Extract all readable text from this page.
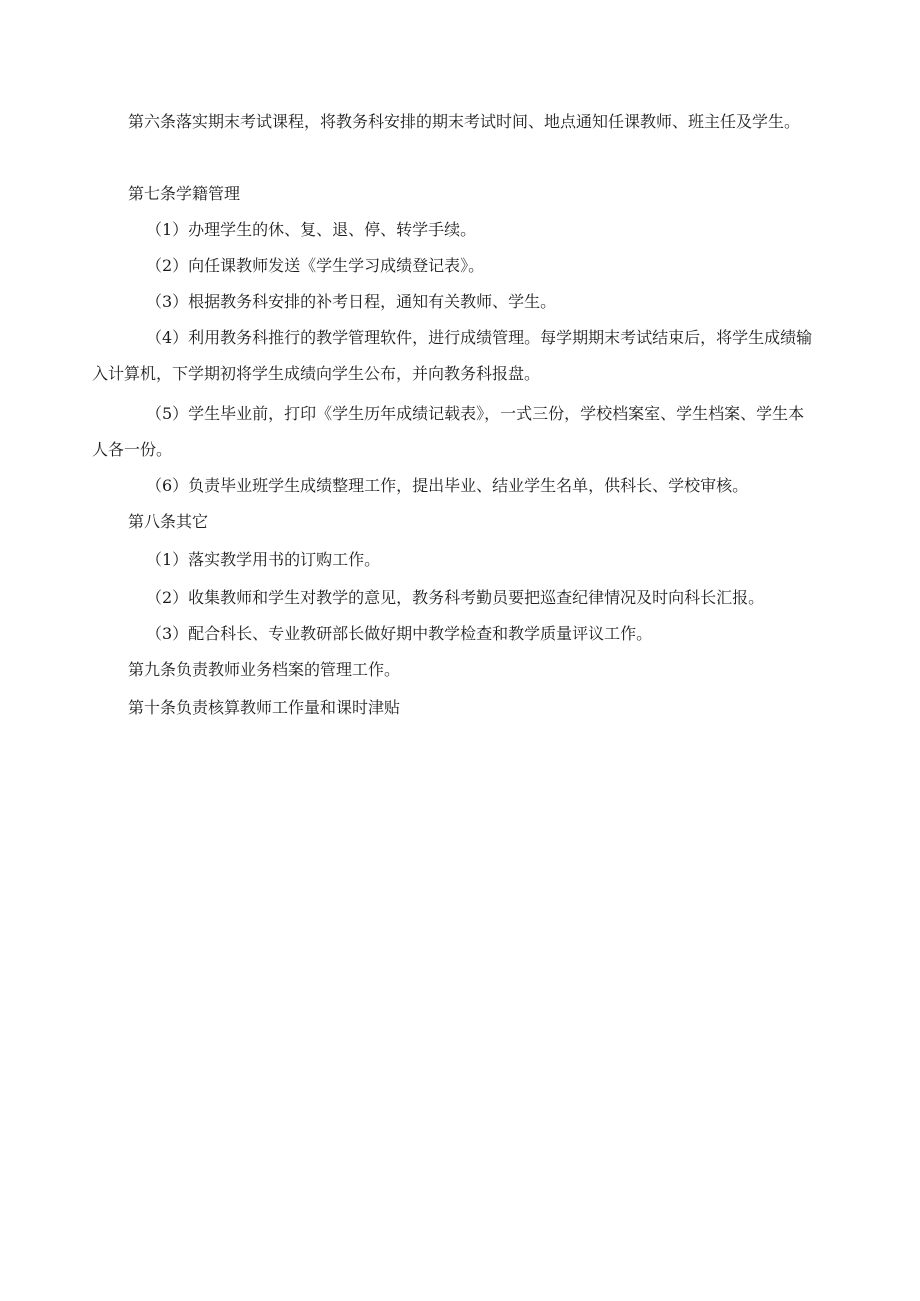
第六条落实期末考试课程，将教务科安排的期末考试时间、地点通知任课教师、班主任及学生。

第七条学籍管理

（1）办理学生的休、复、退、停、转学手续。

（2）向任课教师发送《学生学习成绩登记表》。

（3）根据教务科安排的补考日程，通知有关教师、学生。

（4）利用教务科推行的教学管理软件，进行成绩管理。每学期期末考试结束后，将学生成绩输入计算机，下学期初将学生成绩向学生公布，并向教务科报盘。

（5）学生毕业前，打印《学生历年成绩记载表》，一式三份，学校档案室、学生档案、学生本人各一份。

（6）负责毕业班学生成绩整理工作，提出毕业、结业学生名单，供科长、学校审核。

第八条其它

（1）落实教学用书的订购工作。

（2）收集教师和学生对教学的意见，教务科考勤员要把巡查纪律情况及时向科长汇报。

（3）配合科长、专业教研部长做好期中教学检查和教学质量评议工作。

第九条负责教师业务档案的管理工作。

第十条负责核算教师工作量和课时津贴
